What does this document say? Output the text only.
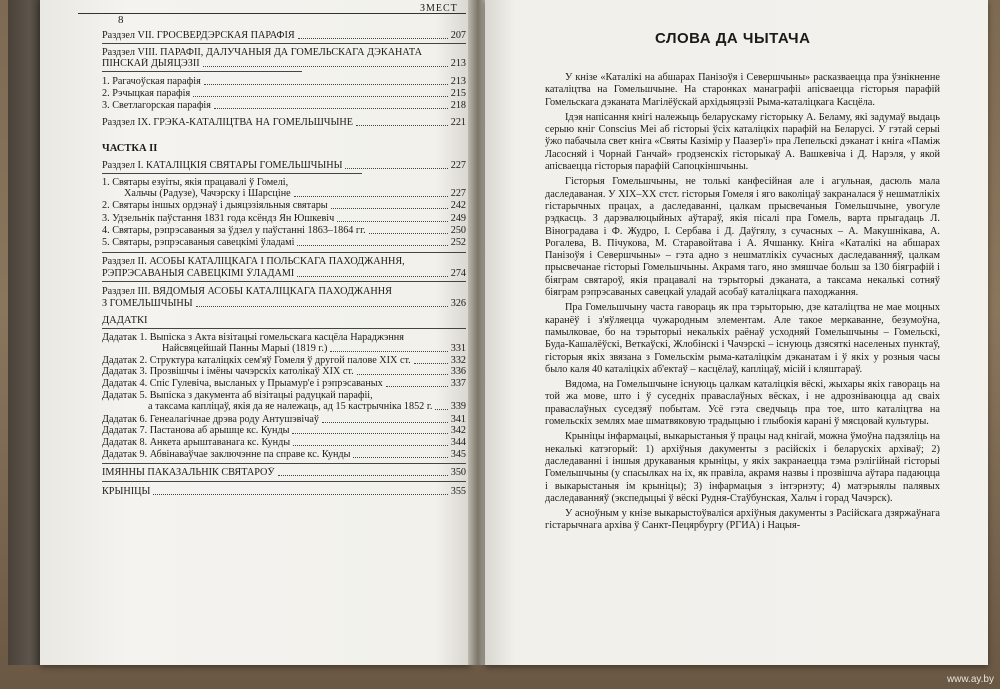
ЗМЕСТ
8
Раздзел VII. ГРОСВЕРДЭРСКАЯ ПАРАФІЯ	207
Раздзел VIII. ПАРАФІІ, ДАЛУЧАНЫЯ ДА ГОМЕЛЬСКАГА ДЭКАНАТА
ПІНСКАЙ ДЫЯЦЭЗІІ	213
1. Рагачоўская парафія	213
2. Рэчыцкая парафія	215
3. Светлагорская парафія	218
Раздзел IX. ГРЭКА-КАТАЛІЦТВА НА ГОМЕЛЬШЧЫНЕ	221
ЧАСТКА ІІ
Раздзел І. КАТАЛІЦКІЯ СВЯТАРЫ ГОМЕЛЬШЧЫНЫ	227
1. Святары езуіты, якія працавалі ў Гомелі,
Хальчы (Радузе), Чачэрску і Шарсціне	227
2. Святары іншых ордэнаў і дыяцэзіяльныя святары	242
3. Удзельнік паўстання 1831 года ксёндз Ян Юшкевіч	249
4. Святары, рэпрэсаваныя за ўдзел у паўстанні 1863–1864 гг.	250
5. Святары, рэпрэсаваныя савецкімі ўладамі	252
Раздзел II. АСОБЫ КАТАЛІЦКАГА І ПОЛЬСКАГА ПАХОДЖАННЯ,
РЭПРЭСАВАНЫЯ САВЕЦКІМІ ЎЛАДАМІ	274
Раздзел III. ВЯДОМЫЯ АСОБЫ КАТАЛІЦКАГА ПАХОДЖАННЯ
З ГОМЕЛЬШЧЫНЫ	326
ДАДАТКІ
Дадатак 1. Выпіска з Акта візітацыі гомельскага касцёла Нараджэння
Найсвяцейшай Панны Марыі (1819 г.)	331
Дадатак 2. Структура каталіцкіх сем'яў Гомеля ў другой палове XIX ст.	332
Дадатак 3. Прозвішчы і імёны чачэрскіх католікаў XIX ст.	336
Дадатак 4. Спіс Гулевіча, высланых у Прыамур'е і рэпрэсаваных	337
Дадатак 5. Выпіска з дакумента аб візітацыі радуцкай парафіі,
а таксама капліцаў, якія да яе належаць, ад 15 кастрычніка 1852 г. 339
Дадатак 6. Генеалагічнае дрэва роду Антушэвічаў	341
Дадатак 7. Пастанова аб арышце кс. Кунды	342
Дадатак 8. Анкета арыштаванага кс. Кунды	344
Дадатак 9. Абвінаваўчае заключэнне па справе кс. Кунды	345
ІМЯННЫ ПАКАЗАЛЬНІК СВЯТАРОЎ	350
КРЫНІЦЫ	355
СЛОВА ДА ЧЫТАЧА

У кнізе «Каталікі на абшарах Панізоўя і Севершчыны» расказваецца пра ўзнікненне каталіцтва на Гомельшчыне. На старонках манаграфіі апісваецца гісторыя парафій Гомельскага дэканата Магілёўскай архідыяцэзіі Рыма-каталіцкага Касцёла.

Ідэя напісання кнігі належыць беларускаму гісторыку А. Беламу, які задумаў выдаць серыю кніг Conscius Mei аб гісторыі ўсіх каталіцкіх парафій на Беларусі. У гэтай серыі ўжо пабачыла свет кніга «Святы Казімір у Паазер'і» пра Лепельскі дэканат і кніга «Паміж Ласосняй і Чорнай Ганчай» гродзенскіх гісторыкаў А. Вашкевіча і Д. Нарэля, у якой апісваецца гісторыя парафій Сапоцкіншчыны.

Гісторыя Гомельшчыны, не толькі канфесійная але і агульная, дасюль мала даследаваная. У XIX–XX стст. гісторыя Гомеля і яго ваколіцаў закраналася ў нешматлікіх гістарычных працах, а даследаванні, цалкам прысвечаныя Гомельшчыне, увогуле рэдкасць. З дарэвалюцыйных аўтараў, якія пісалі пра Гомель, варта прыгадаць Л. Віноградава і Ф. Жудро, І. Сербава і Д. Даўгялу, з сучасных – А. Макушнікава, А. Рогалева, В. Пічукова, М. Старавойтава і А. Ячшанку. Кніга «Каталікі на абшарах Панізоўя і Севершчыны» – гэта адно з нешматлікіх сучасных даследаванняў, цалкам прысвечанае гісторыі Гомельшчыны. Акрамя таго, яно змяшчае больш за 130 біяграфій і біяграм святароў, якія працавалі на тэрыторыі дэканата, а таксама некалькі сотняў біяграм рэпрэсаваных савецкай уладай асобаў каталіцкага паходжання.

Пра Гомельшчыну часта гавораць як пра тэрыторыю, дзе каталіцтва не мае моцных каранёў і з'яўляецца чужародным элементам. Але такое меркаванне, безумоўна, памылковае, бо на тэрыторыі некалькіх раёнаў усходняй Гомельшчыны – Гомельскі, Буда-Кашалёўскі, Веткаўскі, Жлобінскі і Чачэрскі – існуюць дзясяткі населеных пунктаў, гісторыя якіх звязана з Гомельскім рыма-каталіцкім дэканатам і ў якіх у розныя часы было каля 40 каталіцкіх аб'ектаў – касцёлаў, капліцаў, місій і кляштараў.

Вядома, на Гомельшчыне існуюць цалкам каталіцкія вёскі, жыхары якіх гавораць на той жа мове, што і ў суседніх праваслаўных вёсках, і не адрозніваюцца ад сваіх праваслаўных суседзяў побытам. Усё гэта сведчыць пра тое, што каталіцтва на гомельскіх землях мае шматвяковую традыцыю і глыбокія карані ў мясцовай культуры.

Крыніцы інфармацыі, выкарыстаныя ў працы над кнігай, можна ўмоўна падзяліць на некалькі катэгорый: 1) архіўныя дакументы з расійскіх і беларускіх архіваў; 2) даследаванні і іншыя друкаваныя крыніцы, у якіх закранаецца тэма рэлігійнай гісторыі Гомельшчыны (у спасылках на іх, як правіла, акрамя назвы і прозвішча аўтара падаюцца і выкарыстаныя ім крыніцы); 3) інфармацыя з інтэрнэту; 4) матэрыялы палявых даследаванняў (экспедыцыі ў вёскі Рудня-Стаўбунская, Хальч і горад Чачэрск).

У асноўным у кнізе выкарыстоўваліся архіўныя дакументы з Расійскага дзяржаўнага гістарычнага архіва ў Санкт-Пецярбургу (РГИА) і Нацыя-

www.ay.by
